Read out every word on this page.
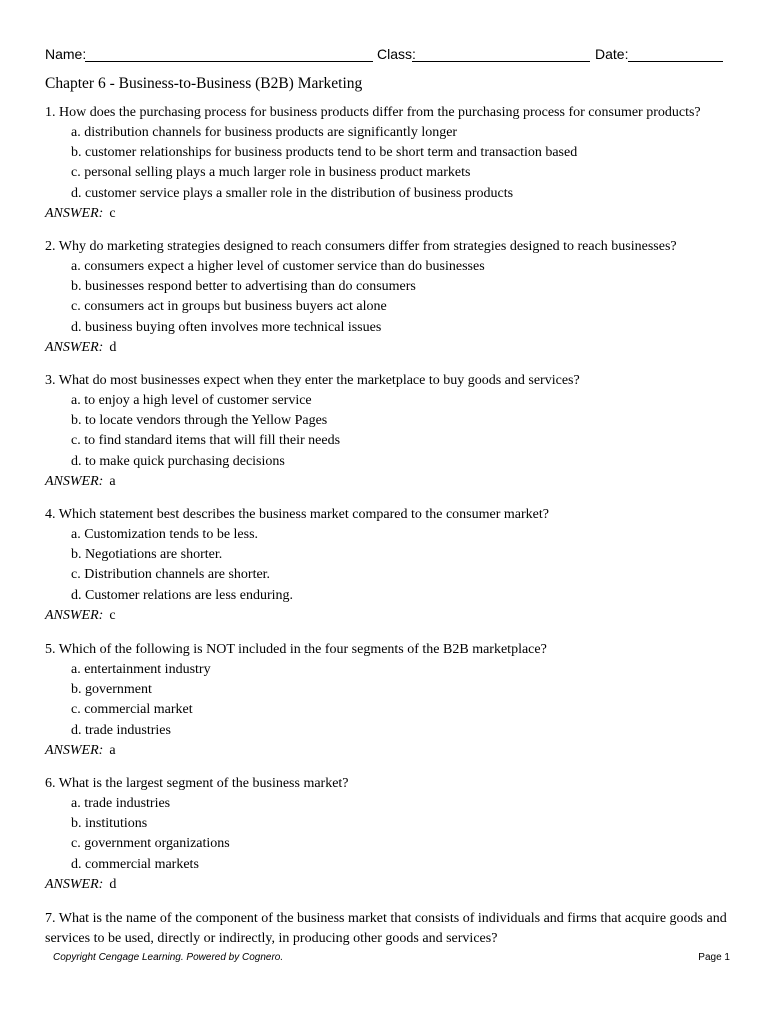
Name:	Class:	Date:
Chapter 6 - Business-to-Business (B2B) Marketing
1. How does the purchasing process for business products differ from the purchasing process for consumer products?
a. distribution channels for business products are significantly longer
b. customer relationships for business products tend to be short term and transaction based
c. personal selling plays a much larger role in business product markets
d. customer service plays a smaller role in the distribution of business products
ANSWER: c
2. Why do marketing strategies designed to reach consumers differ from strategies designed to reach businesses?
a. consumers expect a higher level of customer service than do businesses
b. businesses respond better to advertising than do consumers
c. consumers act in groups but business buyers act alone
d. business buying often involves more technical issues
ANSWER: d
3. What do most businesses expect when they enter the marketplace to buy goods and services?
a. to enjoy a high level of customer service
b. to locate vendors through the Yellow Pages
c. to find standard items that will fill their needs
d. to make quick purchasing decisions
ANSWER: a
4. Which statement best describes the business market compared to the consumer market?
a. Customization tends to be less.
b. Negotiations are shorter.
c. Distribution channels are shorter.
d. Customer relations are less enduring.
ANSWER: c
5. Which of the following is NOT included in the four segments of the B2B marketplace?
a. entertainment industry
b. government
c. commercial market
d. trade industries
ANSWER: a
6. What is the largest segment of the business market?
a. trade industries
b. institutions
c. government organizations
d. commercial markets
ANSWER: d
7. What is the name of the component of the business market that consists of individuals and firms that acquire goods and services to be used, directly or indirectly, in producing other goods and services?
Copyright Cengage Learning. Powered by Cognero.	Page 1
